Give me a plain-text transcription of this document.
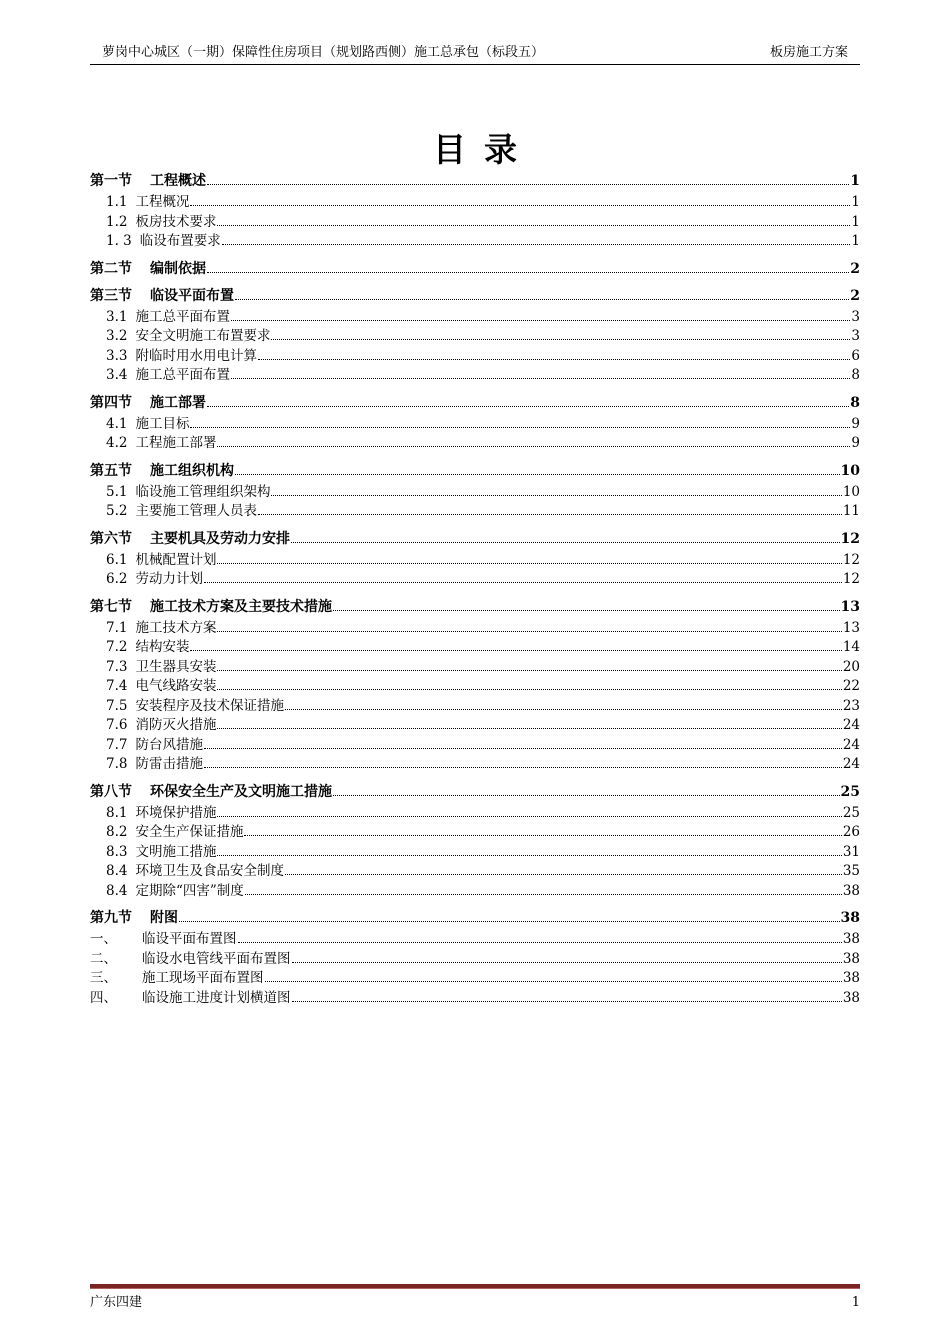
萝岗中心城区（一期）保障性住房项目（规划路西侧）施工总承包（标段五）	板房施工方案
目录
第一节 工程概述	1
1.1 工程概况	1
1.2 板房技术要求	1
1. 3 临设布置要求	1
第二节 编制依据	2
第三节 临设平面布置	2
3.1 施工总平面布置	3
3.2 安全文明施工布置要求	3
3.3 附临时用水用电计算	6
3.4 施工总平面布置	8
第四节 施工部署	8
4.1 施工目标	9
4.2 工程施工部署	9
第五节 施工组织机构	10
5.1 临设施工管理组织架构	10
5.2 主要施工管理人员表	11
第六节 主要机具及劳动力安排	12
6.1 机械配置计划	12
6.2 劳动力计划	12
第七节 施工技术方案及主要技术措施	13
7.1 施工技术方案	13
7.2 结构安装	14
7.3 卫生器具安装	20
7.4 电气线路安装	22
7.5 安装程序及技术保证措施	23
7.6 消防灭火措施	24
7.7 防台风措施	24
7.8 防雷击措施	24
第八节 环保安全生产及文明施工措施	25
8.1 环境保护措施	25
8.2 安全生产保证措施	26
8.3 文明施工措施	31
8.4 环境卫生及食品安全制度	35
8.4 定期除“四害”制度	38
第九节 附图	38
一、	临设平面布置图	38
二、	临设水电管线平面布置图	38
三、	施工现场平面布置图	38
四、	临设施工进度计划横道图	38
广东四建	1
